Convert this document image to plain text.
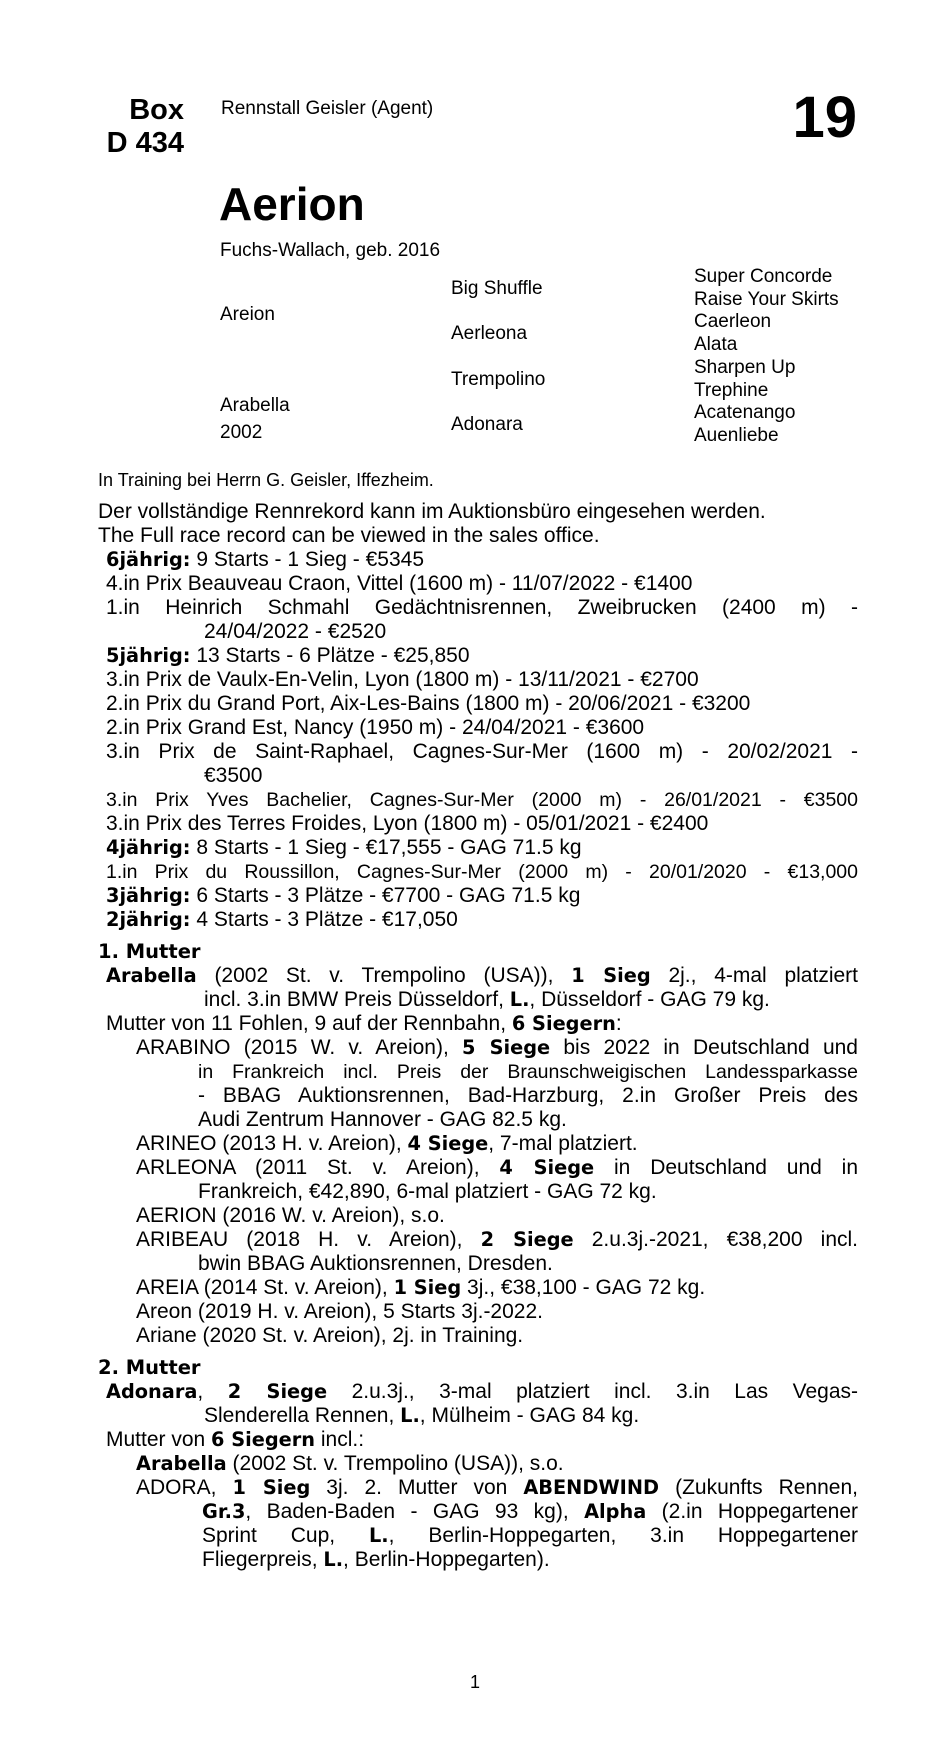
Box
D 434
Rennstall Geisler (Agent)	19
Aerion
Fuchs-Wallach, geb. 2016
Areion
Arabella
2002
Big Shuffle
Aerleona
Trempolino
Adonara
Super Concorde
Raise Your Skirts
Caerleon
Alata
Sharpen Up
Trephine
Acatenango
Auenliebe
In Training bei Herrn G. Geisler, Iffezheim.

Der vollständige Rennrekord kann im Auktionsbüro eingesehen werden.

The Full race record can be viewed in the sales office.

6jährig: 9 Starts - 1 Sieg - €5345

4.in Prix Beauveau Craon, Vittel (1600 m) - 11/07/2022 - €1400

1.in Heinrich Schmahl Gedächtnisrennen, Zweibrucken (2400 m) -

24/04/2022 - €2520

5jährig: 13 Starts - 6 Plätze - €25,850

3.in Prix de Vaulx-En-Velin, Lyon (1800 m) - 13/11/2021 - €2700

2.in Prix du Grand Port, Aix-Les-Bains (1800 m) - 20/06/2021 - €3200

2.in Prix Grand Est, Nancy (1950 m) - 24/04/2021 - €3600

3.in Prix de Saint-Raphael, Cagnes-Sur-Mer (1600 m) - 20/02/2021 -

€3500

3.in Prix Yves Bachelier, Cagnes-Sur-Mer (2000 m) - 26/01/2021 - €3500

3.in Prix des Terres Froides, Lyon (1800 m) - 05/01/2021 - €2400

4jährig: 8 Starts - 1 Sieg - €17,555 - GAG 71.5 kg

1.in Prix du Roussillon, Cagnes-Sur-Mer (2000 m) - 20/01/2020 - €13,000

3jährig: 6 Starts - 3 Plätze - €7700 - GAG 71.5 kg

2jährig: 4 Starts - 3 Plätze - €17,050

1. Mutter

Arabella (2002 St. v. Trempolino (USA)), 1 Sieg 2j., 4-mal platziert

incl. 3.in BMW Preis Düsseldorf, L., Düsseldorf - GAG 79 kg.

Mutter von 11 Fohlen, 9 auf der Rennbahn, 6 Siegern:

ARABINO (2015 W. v. Areion), 5 Siege bis 2022 in Deutschland und

in Frankreich incl. Preis der Braunschweigischen Landessparkasse

- BBAG Auktionsrennen, Bad-Harzburg, 2.in Großer Preis des

Audi Zentrum Hannover - GAG 82.5 kg.

ARINEO (2013 H. v. Areion), 4 Siege, 7-mal platziert.

ARLEONA (2011 St. v. Areion), 4 Siege in Deutschland und in

Frankreich, €42,890, 6-mal platziert - GAG 72 kg.

AERION (2016 W. v. Areion), s.o.

ARIBEAU (2018 H. v. Areion), 2 Siege 2.u.3j.-2021, €38,200 incl.

bwin BBAG Auktionsrennen, Dresden.

AREIA (2014 St. v. Areion), 1 Sieg 3j., €38,100 - GAG 72 kg.

Areon (2019 H. v. Areion), 5 Starts 3j.-2022.

Ariane (2020 St. v. Areion), 2j. in Training.

2. Mutter

Adonara, 2 Siege 2.u.3j., 3-mal platziert incl. 3.in Las Vegas-

Slenderella Rennen, L., Mülheim - GAG 84 kg.

Mutter von 6 Siegern incl.:

Arabella (2002 St. v. Trempolino (USA)), s.o.

ADORA, 1 Sieg 3j. 2. Mutter von ABENDWIND (Zukunfts Rennen,

Gr.3, Baden-Baden - GAG 93 kg), Alpha (2.in Hoppegartener

Sprint Cup, L., Berlin-Hoppegarten, 3.in Hoppegartener

Fliegerpreis, L., Berlin-Hoppegarten).

1
